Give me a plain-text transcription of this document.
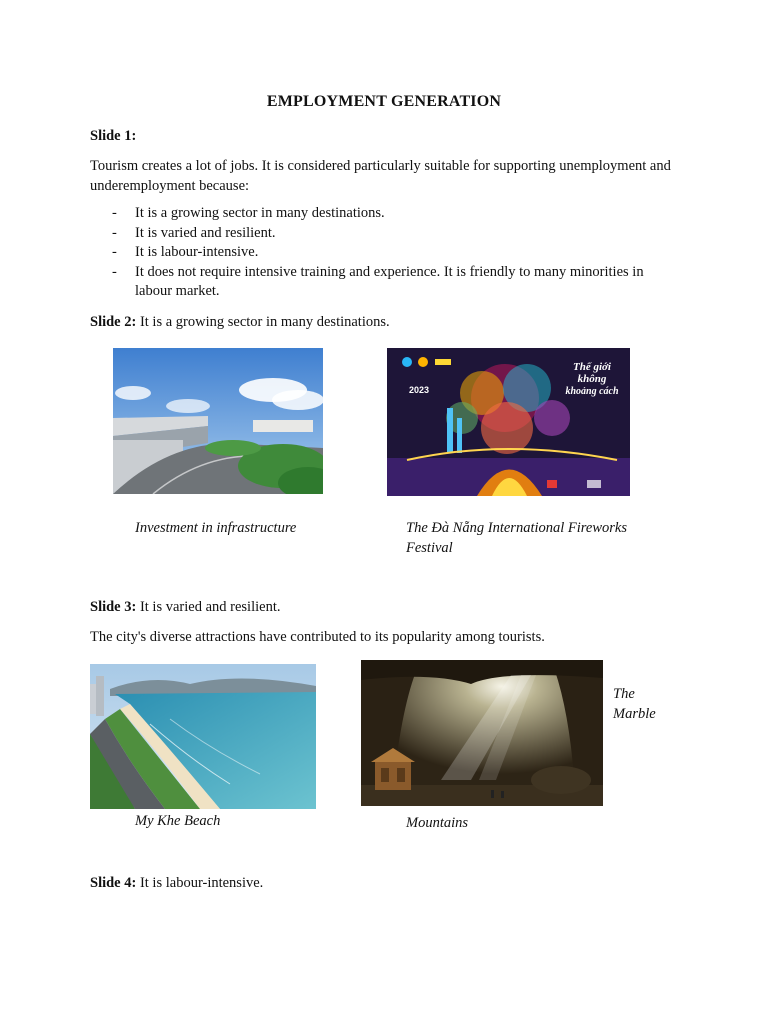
EMPLOYMENT GENERATION
Slide 1:
Tourism creates a lot of jobs. It is considered particularly suitable for supporting unemployment and underemployment because:
- It is a growing sector in many destinations.
- It is varied and resilient.
- It is labour-intensive.
- It does not require intensive training and experience. It is friendly to many minorities in labour market.
Slide 2: It is a growing sector in many destinations.
Thế giới
không
khoảng cách
2023
Investment in infrastructure	The Đà Nẵng International Fireworks Festival
Slide 3: It is varied and resilient.
The city's diverse attractions have contributed to its popularity among tourists.
My Khe Beach
The Marble
Mountains
Slide 4: It is labour-intensive.
